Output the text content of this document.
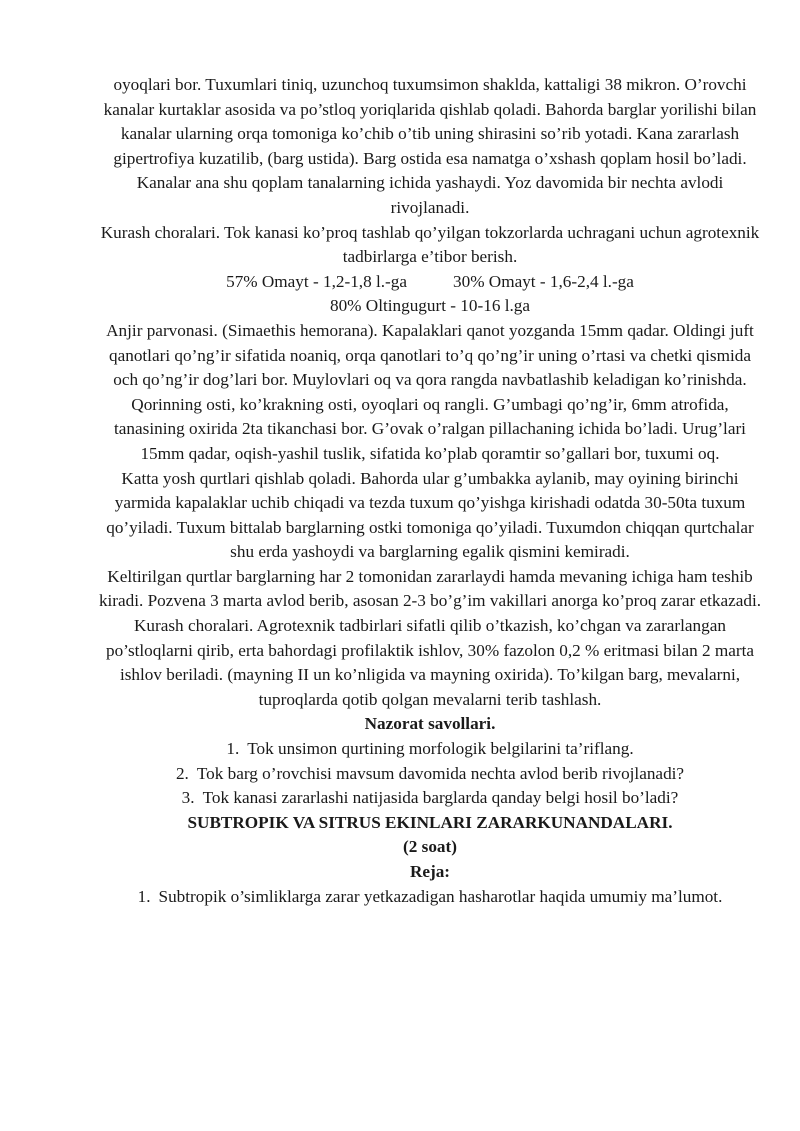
oyoqlari bor. Tuxumlari tiniq, uzunchoq tuxumsimon shaklda, kattaligi 38 mikron. O’rovchi kanalar kurtaklar asosida va po’stloq yoriqlarida qishlab qoladi. Bahorda barglar yorilishi bilan kanalar ularning orqa tomoniga ko’chib o’tib uning shirasini so’rib yotadi. Kana zararlash gipertrofiya kuzatilib, (barg ustida). Barg ostida esa namatga o’xshash qoplam hosil bo’ladi. Kanalar ana shu qoplam tanalarning ichida yashaydi. Yoz davomida bir nechta avlodi rivojlanadi.

Kurash choralari. Tok kanasi ko’proq tashlab qo’yilgan tokzorlarda uchragani uchun agrotexnik tadbirlarga e’tibor berish.

57% Omayt - 1,2-1,8 l.-ga	30% Omayt - 1,6-2,4 l.-ga
80% Oltingugurt - 10-16 l.ga

Anjir parvonasi. (Simaethis hemorana). Kapalaklari qanot yozganda 15mm qadar. Oldingi juft qanotlari qo’ng’ir sifatida noaniq, orqa qanotlari to’q qo’ng’ir uning o’rtasi va chetki qismida och qo’ng’ir dog’lari bor. Muylovlari oq va qora rangda navbatlashib keladigan ko’rinishda. Qorinning osti, ko’krakning osti, oyoqlari oq rangli. G’umbagi qo’ng’ir, 6mm atrofida, tanasining oxirida 2ta tikanchasi bor. G’ovak o’ralgan pillachaning ichida bo’ladi. Urug’lari 15mm qadar, oqish-yashil tuslik, sifatida ko’plab qoramtir so’gallari bor, tuxumi oq.

Katta yosh qurtlari qishlab qoladi. Bahorda ular g’umbakka aylanib, may oyining birinchi yarmida kapalaklar uchib chiqadi va tezda tuxum qo’yishga kirishadi odatda 30-50ta tuxum qo’yiladi. Tuxum bittalab barglarning ostki tomoniga qo’yiladi. Tuxumdon chiqqan qurtchalar shu erda yashoydi va barglarning egalik qismini kemiradi.

Keltirilgan qurtlar barglarning har 2 tomonidan zararlaydi hamda mevaning ichiga ham teshib kiradi. Pozvena 3 marta avlod berib, asosan 2-3 bo’g’im vakillari anorga ko’proq zarar etkazadi.

Kurash choralari. Agrotexnik tadbirlari sifatli qilib o’tkazish, ko’chgan va zararlangan po’stloqlarni qirib, erta bahordagi profilaktik ishlov, 30% fazolon 0,2 % eritmasi bilan 2 marta ishlov beriladi. (mayning II un ko’nligida va mayning oxirida). To’kilgan barg, mevalarni, tuproqlarda qotib qolgan mevalarni terib tashlash.

Nazorat savollari.

1. Tok unsimon qurtining morfologik belgilarini ta’riflang.
2. Tok barg o’rovchisi mavsum davomida nechta avlod berib rivojlanadi?
3. Tok kanasi zararlashi natijasida barglarda qanday belgi hosil bo’ladi?

SUBTROPIK VA SITRUS EKINLARI ZARARKUNANDALARI.

(2 soat)

Reja:

1. Subtropik o’simliklarga zarar yetkazadigan hasharotlar haqida umumiy ma’lumot.
